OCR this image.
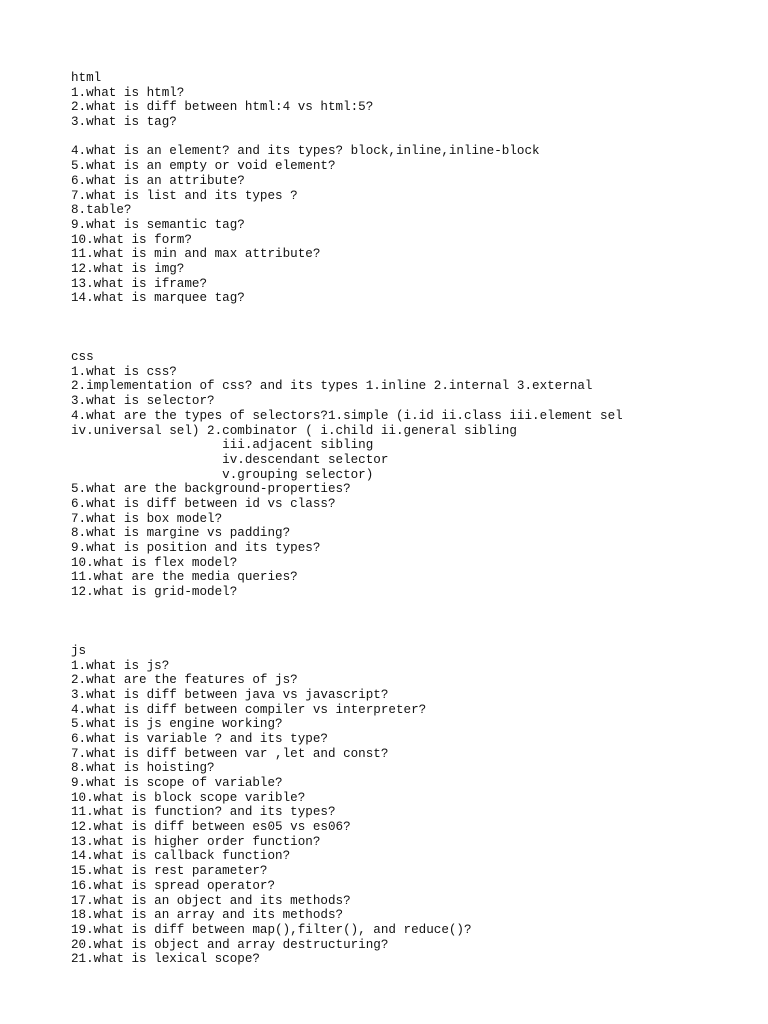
html
1.what is html?
2.what is diff between html:4 vs html:5?
3.what is tag?
4.what is an element? and its types? block,inline,inline-block
5.what is an empty or void element?
6.what is an attribute?
7.what is list and its types ?
8.table?
9.what is semantic tag?
10.what is form?
11.what is min and max attribute?
12.what is img?
13.what is iframe?
14.what is marquee tag?
css
1.what is css?
2.implementation of css? and its types 1.inline 2.internal 3.external
3.what is selector?
4.what are the types of selectors?1.simple (i.id ii.class iii.element sel
iv.universal sel) 2.combinator ( i.child ii.general sibling
iii.adjacent sibling
iv.descendant selector
v.grouping selector)
5.what are the background-properties?
6.what is diff between id vs class?
7.what is box model?
8.what is margine vs padding?
9.what is position and its types?
10.what is flex model?
11.what are the media queries?
12.what is grid-model?
js
1.what is js?
2.what are the features of js?
3.what is diff between java vs javascript?
4.what is diff between compiler vs interpreter?
5.what is js engine working?
6.what is variable ? and its type?
7.what is diff between var ,let and const?
8.what is hoisting?
9.what is scope of variable?
10.what is block scope varible?
11.what is function? and its types?
12.what is diff between es05 vs es06?
13.what is higher order function?
14.what is callback function?
15.what is rest parameter?
16.what is spread operator?
17.what is an object and its methods?
18.what is an array and its methods?
19.what is diff between map(),filter(), and reduce()?
20.what is object and array destructuring?
21.what is lexical scope?
